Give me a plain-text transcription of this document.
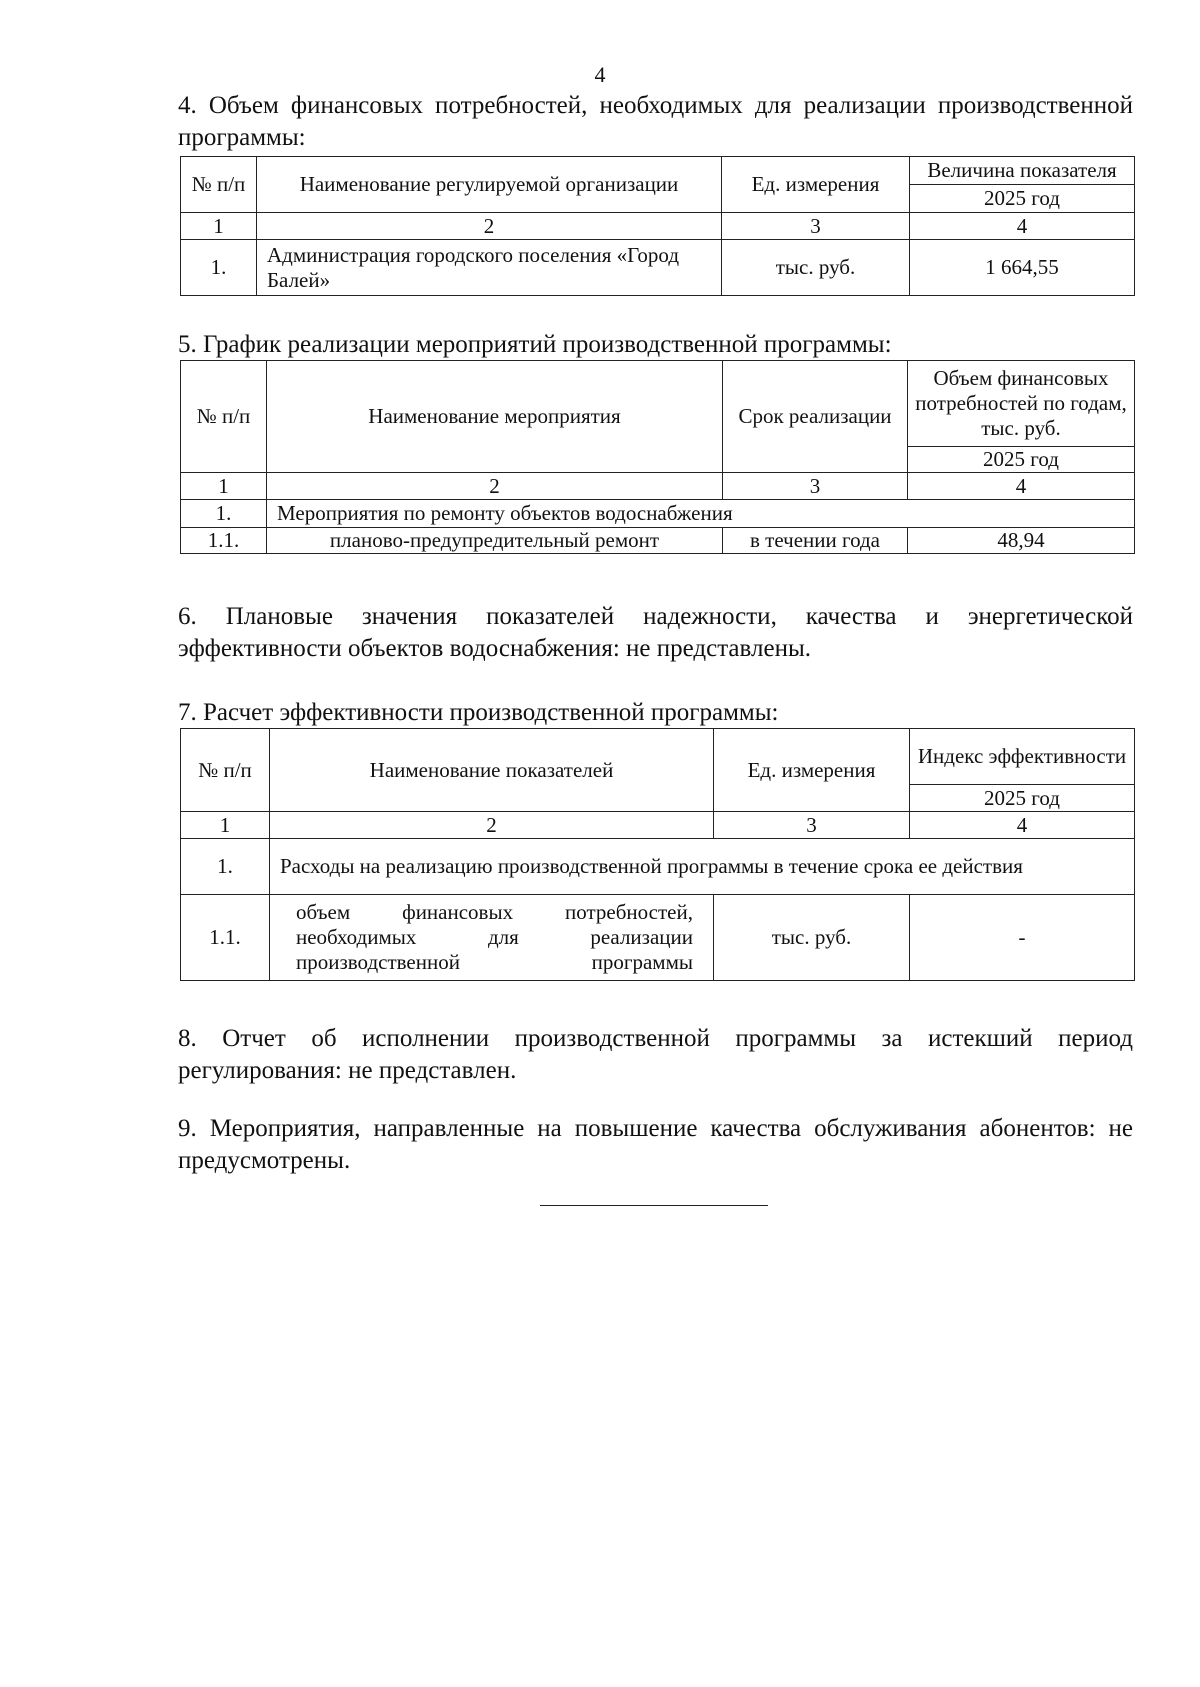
4

4. Объем финансовых потребностей, необходимых для реализации производственной программы:

№ п/п	Наименование регулируемой организации	Ед. измерения	Величина показателя
			2025 год
1	2	3	4
1.	Администрация городского поселения «Город Балей»	тыс. руб.	1 664,55

5. График реализации мероприятий производственной программы:

№ п/п	Наименование мероприятия	Срок реализации	Объем финансовых потребностей по годам, тыс. руб.
			2025 год
1	2	3	4
1.	Мероприятия по ремонту объектов водоснабжения		
1.1.	планово-предупредительный ремонт	в течении года	48,94

6. Плановые значения показателей надежности, качества и энергетической эффективности объектов водоснабжения: не представлены.

7. Расчет эффективности производственной программы:

№ п/п	Наименование показателей	Ед. измерения	Индекс эффективности
			2025 год
1	2	3	4
1.	Расходы на реализацию производственной программы в течение срока ее действия		
1.1.	объем финансовых потребностей, необходимых для реализации производственной программы	тыс. руб.	-

8. Отчет об исполнении производственной программы за истекший период регулирования: не представлен.

9. Мероприятия, направленные на повышение качества обслуживания абонентов: не предусмотрены.
